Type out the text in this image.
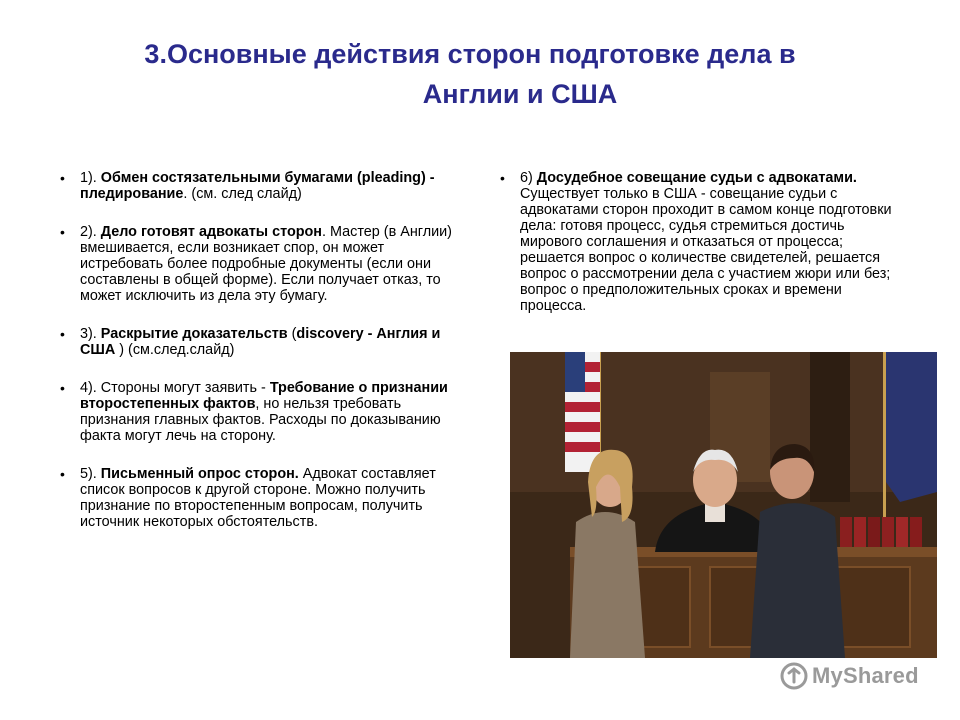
3.Основные действия сторон подготовке дела в
Англии и США
• 1). Обмен состязательными бумагами (pleading) - пледирование. (см. след слайд)
• 2). Дело готовят адвокаты сторон. Мастер (в Англии) вмешивается, если возникает спор, он может истребовать более подробные документы (если они составлены в общей форме). Если получает отказ, то может исключить из дела эту бумагу.
• 3). Раскрытие доказательств (discovery - Англия и США ) (см.след.слайд)
• 4). Стороны могут заявить - Требование о признании второстепенных фактов, но нельзя требовать признания главных фактов. Расходы по доказыванию факта могут лечь на сторону.
• 5). Письменный опрос сторон. Адвокат составляет список вопросов к другой стороне. Можно получить признание по второстепенным вопросам, получить источник некоторых обстоятельств.
• 6) Досудебное совещание судьи с адвокатами. Существует только в США - совещание судьи с адвокатами сторон проходит в самом конце подготовки дела: готовя процесс, судья стремиться достичь мирового соглашения и отказаться от процесса; решается вопрос о количестве свидетелей, решается вопрос о рассмотрении дела с участием жюри или без; вопрос о предположительных сроках и времени процесса.
MyShared
